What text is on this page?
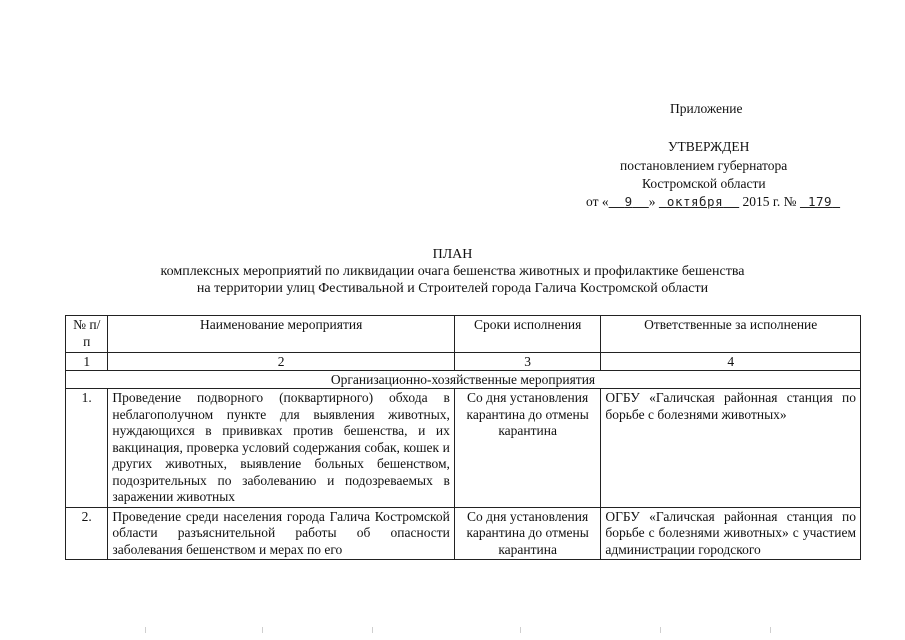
Приложение
УТВЕРЖДЕН
постановлением губернатора
Костромской области
от « 9 » октября 2015 г. № 179
ПЛАН
комплексных мероприятий по ликвидации очага бешенства животных и профилактике бешенства
на территории улиц Фестивальной и Строителей города Галича Костромской области
№ п/п	Наименование мероприятия	Сроки исполнения	Ответственные за исполнение
1	2	3	4
Организационно-хозяйственные мероприятия			
1.	Проведение подворного (поквартирного) обхода в неблагополучном пункте для выявления животных, нуждающихся в прививках против бешенства, и их вакцинация, проверка условий содержания собак, кошек и других животных, выявление больных бешенством, подозрительных по заболеванию и подозреваемых в заражении животных	Со дня установления карантина до отмены карантина	ОГБУ «Галичская районная станция по борьбе с болезнями животных»
2.	Проведение среди населения города Галича Костромской области разъяснительной работы об опасности заболевания бешенством и мерах по его	Со дня установления карантина до отмены карантина	ОГБУ «Галичская районная станция по борьбе с болезнями животных» с участием администрации городского
